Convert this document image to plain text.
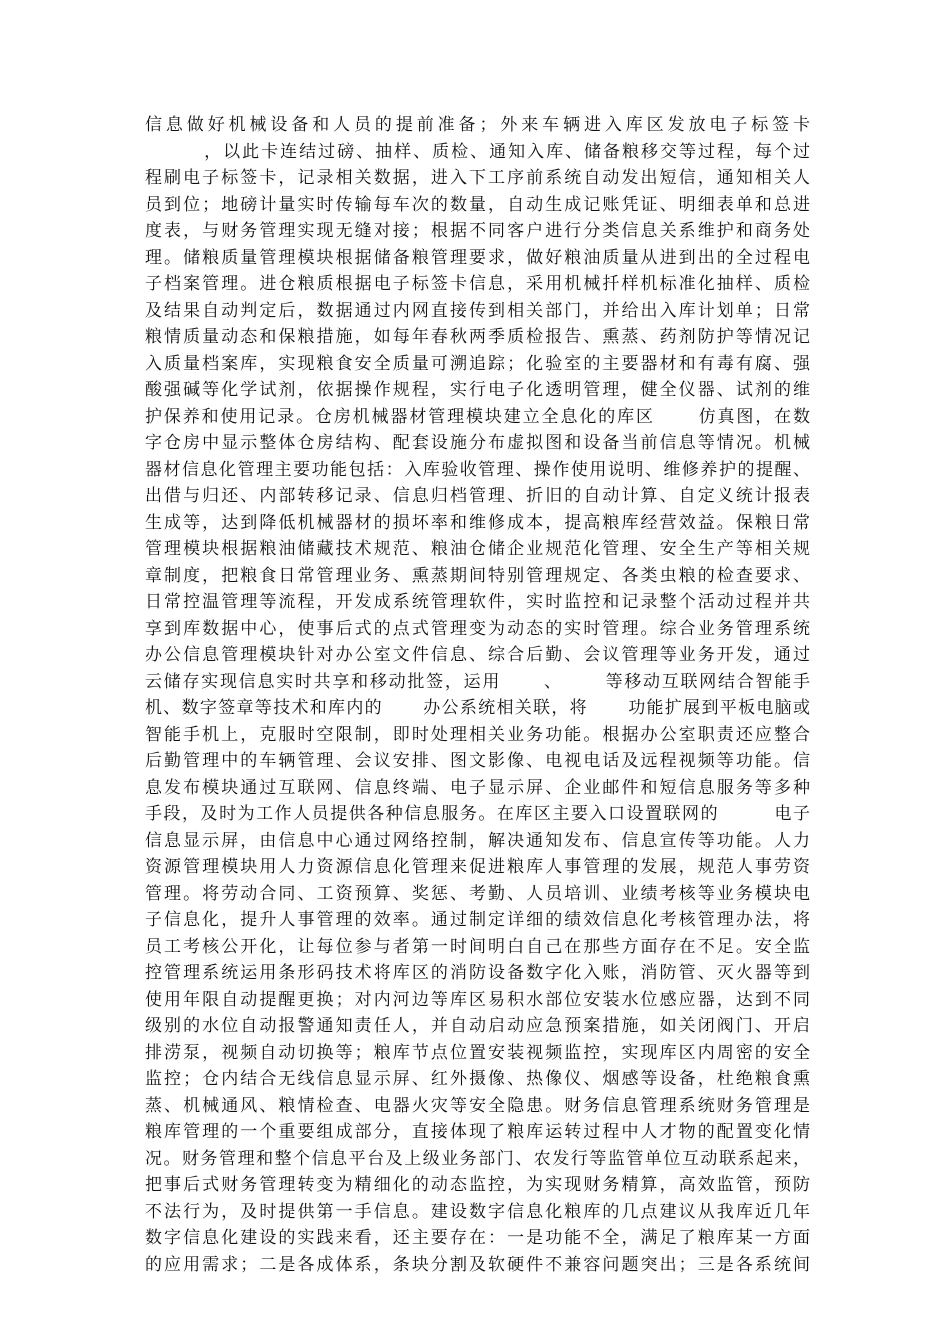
信息做好机械设备和人员的提前准备；外来车辆进入库区发放电子标签卡
，以此卡连结过磅、抽样、质检、通知入库、储备粮移交等过程，每个过
程刷电子标签卡，记录相关数据，进入下工序前系统自动发出短信，通知相关人
员到位；地磅计量实时传输每车次的数量，自动生成记账凭证、明细表单和总进
度表，与财务管理实现无缝对接；根据不同客户进行分类信息关系维护和商务处
理。储粮质量管理模块根据储备粮管理要求，做好粮油质量从进到出的全过程电
子档案管理。进仓粮质根据电子标签卡信息，采用机械扦样机标准化抽样、质检
及结果自动判定后，数据通过内网直接传到相关部门，并给出入库计划单；日常
粮情质量动态和保粮措施，如每年春秋两季质检报告、熏蒸、药剂防护等情况记
入质量档案库，实现粮食安全质量可溯追踪；化验室的主要器材和有毒有腐、强
酸强碱等化学试剂，依据操作规程，实行电子化透明管理，健全仪器、试剂的维
护保养和使用记录。仓房机械器材管理模块建立全息化的库区      仿真图，在数
字仓房中显示整体仓房结构、配套设施分布虚拟图和设备当前信息等情况。机械
器材信息化管理主要功能包括：入库验收管理、操作使用说明、维修养护的提醒、
出借与归还、内部转移记录、信息归档管理、折旧的自动计算、自定义统计报表
生成等，达到降低机械器材的损坏率和维修成本，提高粮库经营效益。保粮日常
管理模块根据粮油储藏技术规范、粮油仓储企业规范化管理、安全生产等相关规
章制度，把粮食日常管理业务、熏蒸期间特别管理规定、各类虫粮的检查要求、
日常控温管理等流程，开发成系统管理软件，实时监控和记录整个活动过程并共
享到库数据中心，使事后式的点式管理变为动态的实时管理。综合业务管理系统
办公信息管理模块针对办公室文件信息、综合后勤、会议管理等业务开发，通过
云储存实现信息实时共享和移动批签，运用      、      等移动互联网结合智能手
机、数字签章等技术和库内的      办公系统相关联，将      功能扩展到平板电脑或
智能手机上，克服时空限制，即时处理相关业务功能。根据办公室职责还应整合
后勤管理中的车辆管理、会议安排、图文影像、电视电话及远程视频等功能。信
息发布模块通过互联网、信息终端、电子显示屏、企业邮件和短信息服务等多种
手段，及时为工作人员提供各种信息服务。在库区主要入口设置联网的        电子
信息显示屏，由信息中心通过网络控制，解决通知发布、信息宣传等功能。人力
资源管理模块用人力资源信息化管理来促进粮库人事管理的发展，规范人事劳资
管理。将劳动合同、工资预算、奖惩、考勤、人员培训、业绩考核等业务模块电
子信息化，提升人事管理的效率。通过制定详细的绩效信息化考核管理办法，将
员工考核公开化，让每位参与者第一时间明白自己在那些方面存在不足。安全监
控管理系统运用条形码技术将库区的消防设备数字化入账，消防管、灭火器等到
使用年限自动提醒更换；对内河边等库区易积水部位安装水位感应器，达到不同
级别的水位自动报警通知责任人，并自动启动应急预案措施，如关闭阀门、开启
排涝泵，视频自动切换等；粮库节点位置安装视频监控，实现库区内周密的安全
监控；仓内结合无线信息显示屏、红外摄像、热像仪、烟感等设备，杜绝粮食熏
蒸、机械通风、粮情检查、电器火灾等安全隐患。财务信息管理系统财务管理是
粮库管理的一个重要组成部分，直接体现了粮库运转过程中人才物的配置变化情
况。财务管理和整个信息平台及上级业务部门、农发行等监管单位互动联系起来，
把事后式财务管理转变为精细化的动态监控，为实现财务精算，高效监管，预防
不法行为，及时提供第一手信息。建设数字信息化粮库的几点建议从我库近几年
数字信息化建设的实践来看，还主要存在：一是功能不全，满足了粮库某一方面
的应用需求；二是各成体系，条块分割及软硬件不兼容问题突出；三是各系统间
